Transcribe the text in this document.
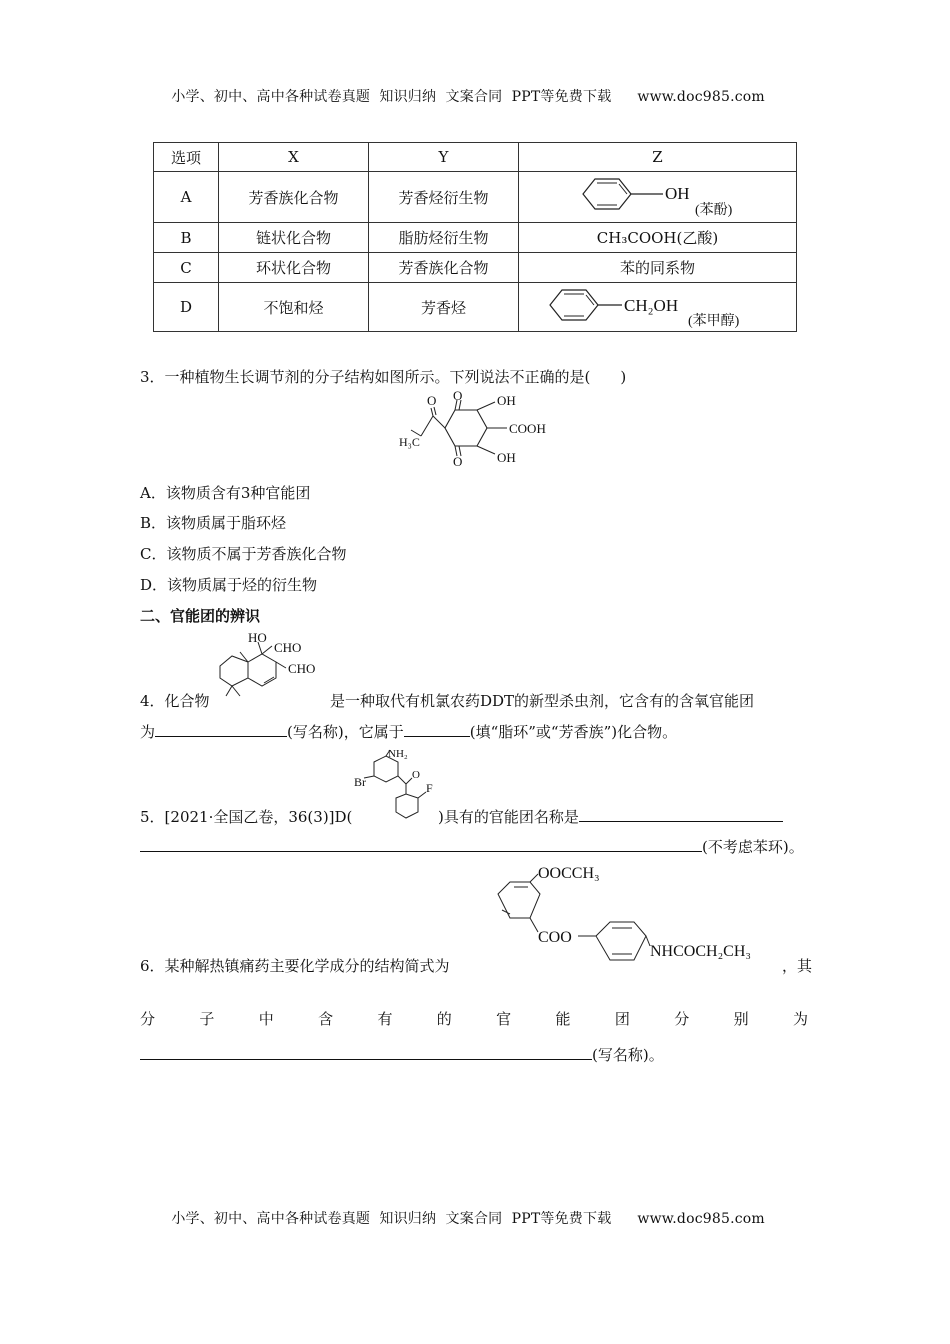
小学、初中、高中各种试卷真题  知识归纳  文案合同  PPT等免费下载 www.doc985.com

选项	X	Y	Z
A	芳香族化合物	芳香烃衍生物	OH
(苯酚)

B	链状化合物	脂肪烃衍生物	CH₃COOH(乙酸)
C	环状化合物	芳香族化合物	苯的同系物
D	不饱和烃	芳香烃	CH₂OH
(苯甲醇)
3．一种植物生长调节剂的分子结构如图所示。下列说法不正确的是(　　)
O
O
OH
OH
COOH
O
H₃C
A．该物质含有3种官能团
B．该物质属于脂环烃
C．该物质不属于芳香族化合物
D．该物质属于烃的衍生物
二、官能团的辨识
HO
CHO
CHO
4．化合物	是一种取代有机氯农药DDT的新型杀虫剂，它含有的含氧官能团
为	(写名称)，它属于	(填“脂环”或“芳香族”)化合物。
NH₂
Br	O
F
5．[2021·全国乙卷，36(3)]D(	)具有的官能团名称是
(不考虑苯环)。
OOCCH₃
COO
NHCOCH₂CH₃
6．某种解热镇痛药主要化学成分的结构简式为	，其
分	子	中	含	有	的	官	能	团	分	别	为
(写名称)。

小学、初中、高中各种试卷真题  知识归纳  文案合同  PPT等免费下载 www.doc985.com
